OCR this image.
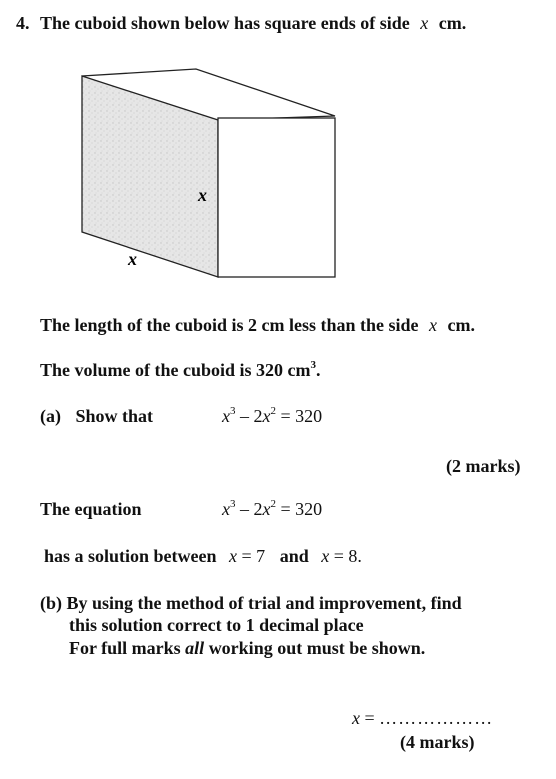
4. The cuboid shown below has square ends of side x cm.
x
x
The length of the cuboid is 2 cm less than the side x cm.
The volume of the cuboid is 320 $cm^3$.
(a) Show that	$x^3 - 2x^2 = 320$
(2 marks)
The equation	$x^3 - 2x^2 = 320$
has a solution between x = 7 and x = 8.
(b) By using the method of trial and improvement, find
this solution correct to 1 decimal place
For full marks all working out must be shown.
x = ………………
(4 marks)
